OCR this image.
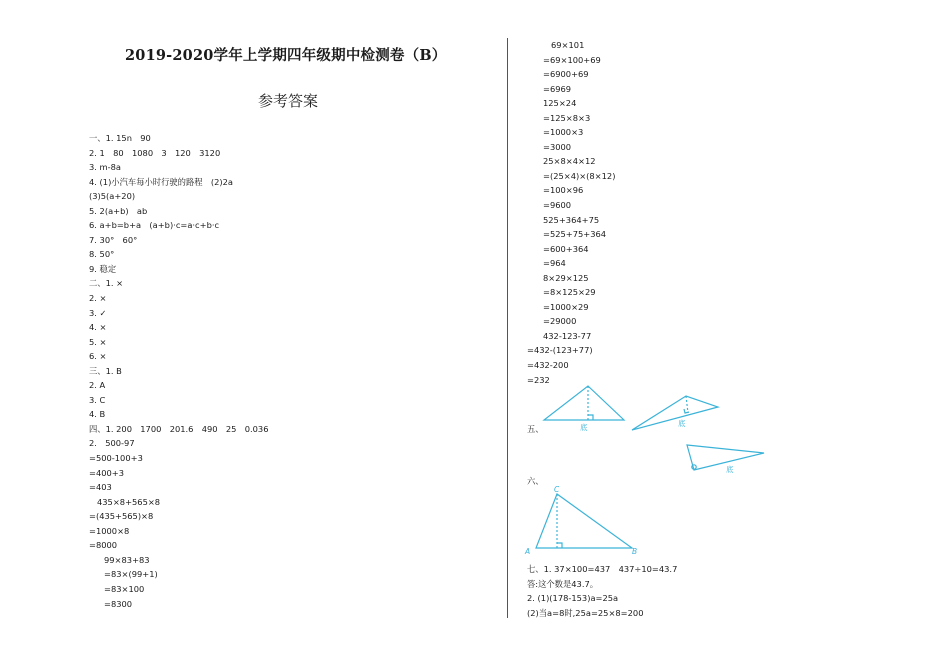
2019-2020学年上学期四年级期中检测卷（B）
参考答案
一、1. 15n　90
2. 1　80　1080　3　120　3120
3. m-8a
4. (1)小汽车每小时行驶的路程　(2)2a
(3)5(a+20)
5. 2(a+b)　ab
6. a+b=b+a　(a+b)·c=a·c+b·c
7. 30°　60°
8. 50°
9. 稳定
二、1. ×
2. ×
3. ✓
4. ×
5. ×
6. ×
三、1. B
2. A
3. C
4. B
四、1. 200　1700　201.6　490　25　0.036
2.　500-97
=500-100+3
=400+3
=403
435×8+565×8
=(435+565)×8
=1000×8
=8000
99×83+83
=83×(99+1)
=83×100
=8300
69×101
=69×100+69
=6900+69
=6969
125×24
=125×8×3
=1000×3
=3000
25×8×4×12
=(25×4)×(8×12)
=100×96
=9600
525+364+75
=525+75+364
=600+364
=964
8×29×125
=8×125×29
=1000×29
=29000
432-123-77
=432-(123+77)
=432-200
=232
五、
六、
底	底
底
A	B
C
七、1. 37×100=437　437÷10=43.7
答:这个数是43.7。
2. (1)(178-153)a=25a
(2)当a=8时,25a=25×8=200
